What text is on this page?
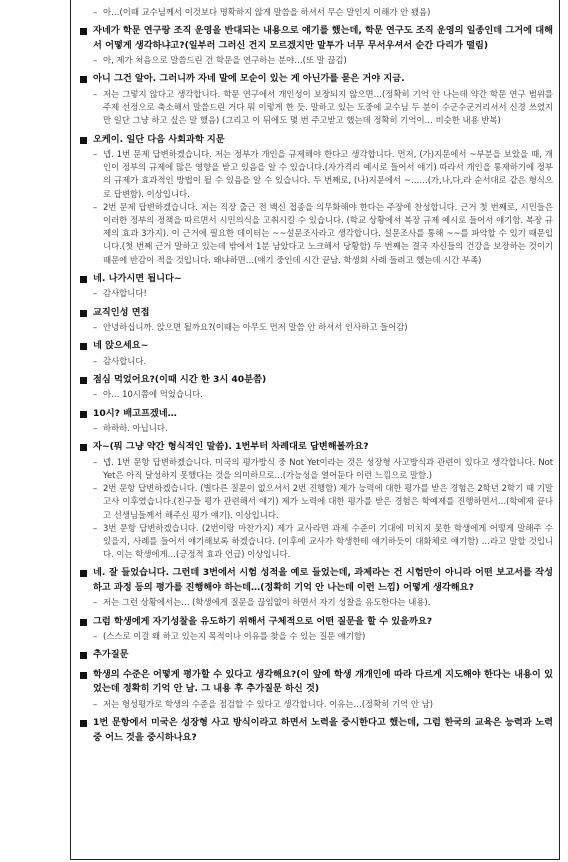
– 아…(이때 교수님께서 이것보다 명확하지 않게 말씀을 하셔서 무슨 말인지 이해가 안 됐음)
자네가 학문 연구랑 조직 운영을 반대되는 내용으로 얘기를 했는데, 학문 연구도 조직 운영의 일종인데 그거에 대해서 어떻게 생각하냐고?(일부러 그러신 건지 모르겠지만 말투가 너무 무서우셔서 순간 다리가 떨림)
– 아, 제가 처음으로 말씀드린 건 학문을 연구하는 분야…(또 말 끊김)
아니 그건 알아. 그러니까 자네 말에 모순이 있는 게 아닌가를 묻은 거야 지금.
– 저는 그렇지 않다고 생각합니다. 학문 연구에서 개인성이 보장되지 않으면…(정확히 기억 안 나는데 약간 학문 연구 범위를 주제 선정으로 축소해서 말씀드린 거다 뭐 이렇게 한 듯. 말하고 있는 도중에 교수님 두 분이 수군수군거리셔서 신경 쓰였지만 일단 그냥 하고 싶은 말 했음) (그리고 이 뒤에도 몇 번 주고받고 했는데 정확히 기억이… 비슷한 내용 반복)
오케이. 일단 다음 사회과학 지문
– 넵. 1번 문제 답변하겠습니다. 저는 정부가 개인을 규제해야 한다고 생각합니다. 먼저, (가)지문에서 ~부분을 보았을 때, 개인이 정부의 규제에 많은 영향을 받고 있음을 알 수 있습니다.(자가격리 예시로 들어서 얘기) 따라서 개인을 통제하기에 정부의 규제가 효과적인 방법이 될 수 있음을 알 수 있습니다. 두 번째로, (나)지문에서 ~……(가,나,다,라 순서대로 같은 형식으로 답변함). 이상입니다.
– 2번 문제 답변하겠습니다. 저는 직장 출근 전 백신 접종을 의무화해야 한다는 주장에 찬성합니다. 근거 첫 번째로, 시민들은 이러한 정부의 정책을 따르면서 시민의식을 고취시킬 수 있습니다. (학교 상황에서 복장 규제 예시로 들어서 얘기함. 복장 규제의 효과 3가지). 이 근거에 필요한 데이터는 ~~설문조사라고 생각합니다. 설문조사를 통해 ~~를 파악할 수 있기 때문입니다.(첫 번째 근거 말하고 있는데 밖에서 1분 남았다고 노크해서 당황함) 두 번째는 결국 자신들의 건강을 보장하는 것이기 때문에 반감이 적을 것입니다. 왜냐하면…(얘기 중인데 시간 끝남. 학생회 사례 들려고 했는데 시간 부족)
네. 나가시면 됩니다~
– 감사합니다!
교직인성 면접
– 안녕하십니까. 앉으면 될까요?(이때는 아무도 먼저 말씀 안 하셔서 인사하고 들어감)
네 앉으세요~
– 감사합니다.
점심 먹었어요?(이때 시간 한 3시 40분쯤)
– 아… 10시쯤에 먹었습니다.
10시? 배고프겠네…
– 하하하. 아닙니다.
자~(뭐 그냥 약간 형식적인 말씀). 1번부터 차례대로 답변해볼까요?
– 넵. 1번 문항 답변하겠습니다. 미국의 평가방식 중 Not Yet이라는 것은 성장형 사고방식과 관련이 있다고 생각합니다. Not Yet은 아직 달성하지 못했다는 것을 의미하므로…(가능성을 열어둔다 이런 느낌으로 말함.)
– 2번 문항 답변하겠습니다. (별다른 질문이 없으셔서 2번 진행함) 제가 능력에 대한 평가를 받은 경험은 2학년 2학기 때 기말고사 이후였습니다.(친구들 평가 관련해서 얘기) 제가 노력에 대한 평가를 받은 경험은 학예제를 진행하면서…(학예제 끝나고 선생님들께서 해주신 평가 얘기). 이상입니다.
– 3번 문항 답변하겠습니다. (2번이랑 마찬가지) 제가 교사라면 과제 수준이 기대에 미치지 못한 학생에게 어떻게 말해주 수 있을지, 사례를 들어서 얘기해보록 하겠습니다. (이후에 교사가 학생한테 얘기하듯이 대화체로 얘기함) …라고 말할 것입니다. 이는 학생에게…(긍정적 효과 언급) 이상입니다.
네. 잘 들었습니다. 그런데 3번에서 시험 성적을 예로 들었는데, 과제라는 건 시험만이 아니라 어떤 보고서를 작성하고 과정 등의 평가를 진행해야 하는데…(정확히 기억 안 나는데 이런 느낌) 어떻게 생각해요?
– 저는 그런 상황에서는… (학생에게 질문을 끊임없이 하면서 자기 성찰을 유도한다는 내용).
그럼 학생에게 자기성찰을 유도하기 위해서 구체적으로 어떤 질문을 할 수 있을까요?
– (스스로 이걸 왜 하고 있는지 목적이나 이유를 찾을 수 있는 질문 얘기함)
추가질문
학생의 수준은 어떻게 평가할 수 있다고 생각해요?(이 앞에 학생 개개인에 따라 다르게 지도해야 한다는 내용이 있었는데 정확히 기억 안 남. 그 내용 후 추가질문 하신 것)
– 저는 형성평가로 학생의 수준을 점검할 수 있다고 생각합니다. 이유는…(정확히 기억 안 남)
1번 문항에서 미국은 성장형 사고 방식이라고 하면서 노력을 중시한다고 했는데, 그럼 한국의 교육은 능력과 노력 중 어느 것을 중시하나요?
